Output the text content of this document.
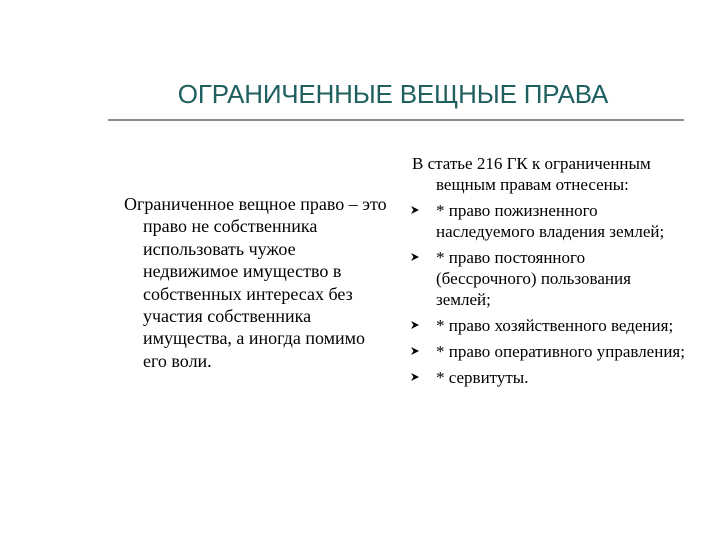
ОГРАНИЧЕННЫЕ ВЕЩНЫЕ ПРАВА

Ограниченное вещное право – это право не собственника использовать чужое недвижимое имущество в собственных интересах без участия собственника имущества, а иногда помимо его воли.

В статье 216 ГК к ограниченным вещным правам отнесены:

* право пожизненного наследуемого владения землей;
* право постоянного (бессрочного) пользования землей;
* право хозяйственного ведения;
* право оперативного управления;
* сервитуты.
